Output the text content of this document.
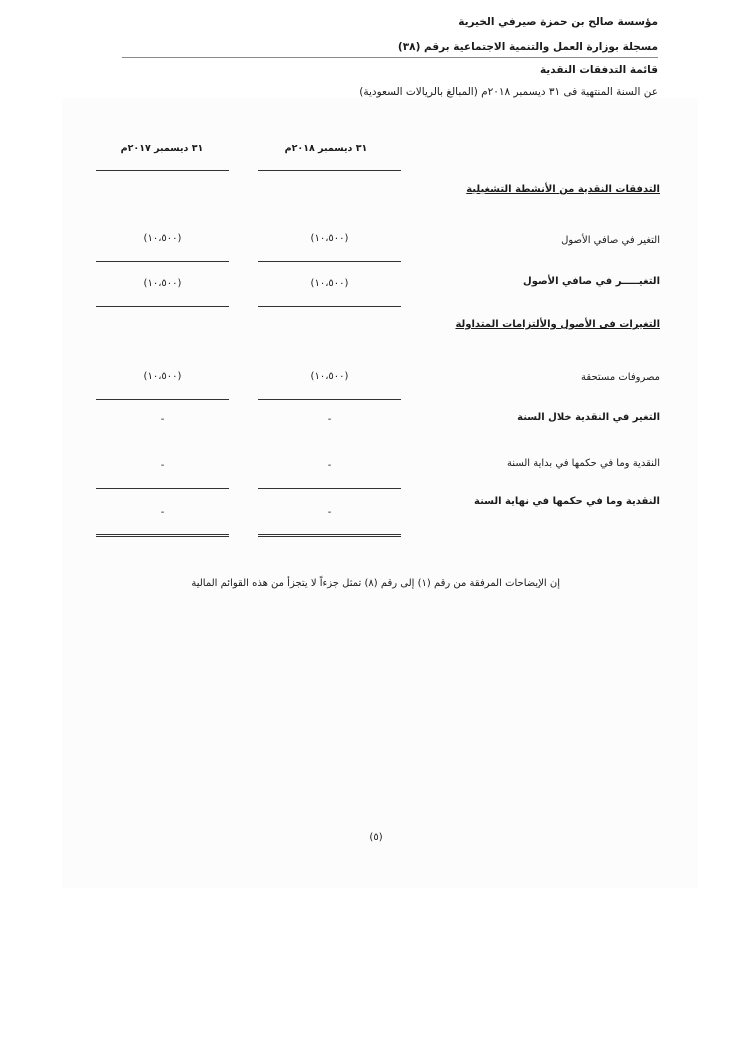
مؤسسة صالح بن حمزة صيرفي الخيرية
مسجلة بوزارة العمل والتنمية الاجتماعية برقم (٣٨)
قائمة التدفقات النقدية
عن السنة المنتهية فى ٣١ ديسمبر ٢٠١٨م (المبالغ بالريالات السعودية)
٣١ ديسمبر ٢٠١٨م
٣١ ديسمبر ٢٠١٧م
التدفقات النقدية من الأنشطة التشغيلية
التغير في صافي الأصول
(١٠،٥٠٠)
(١٠،٥٠٠)
التغيـــــر في صافي الأصول
(١٠،٥٠٠)
(١٠،٥٠٠)
التغيرات فى الأصول والألتزامات المتداولة
مصروفات مستحقة
(١٠،٥٠٠)
(١٠،٥٠٠)
التغير في النقدية خلال السنة
-
-
النقدية وما في حكمها في بداية السنة
-
-
النقدية وما في حكمها في نهاية السنة
-
-
إن الإيضاحات المرفقة من رقم (١) إلى رقم (٨) تمثل جزءاً لا يتجزأ من هذه القوائم المالية
(٥)
